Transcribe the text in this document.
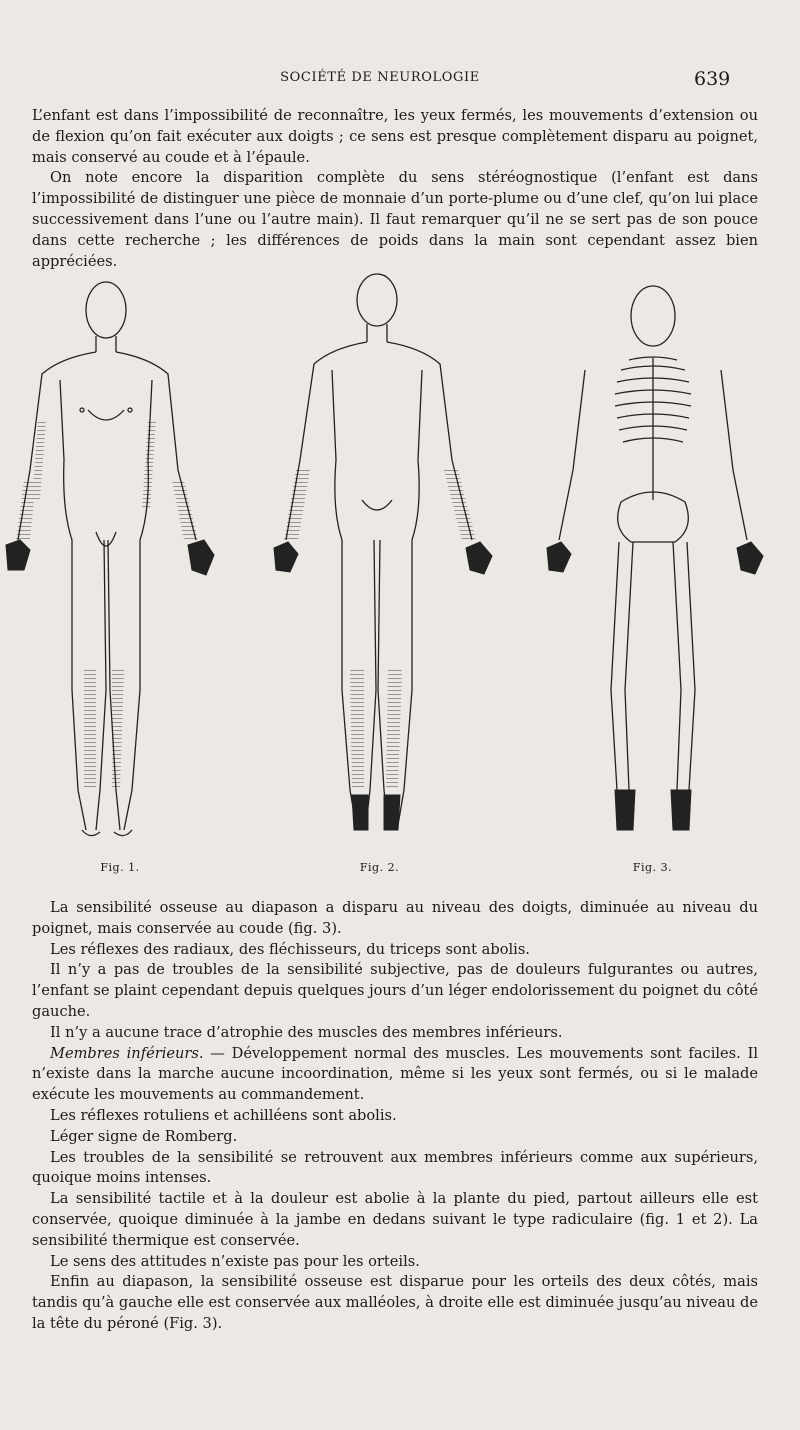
SOCIÉTÉ DE NEUROLOGIE	639

L’enfant est dans l’impossibilité de reconnaître, les yeux fermés, les mouvements d’extension ou de flexion qu’on fait exécuter aux doigts ; ce sens est presque complètement disparu au poignet, mais conservé au coude et à l’épaule.

On note encore la disparition complète du sens stéréognostique (l’enfant est dans l’impossibilité de distinguer une pièce de monnaie d’un porte-plume ou d’une clef, qu’on lui place successivement dans l’une ou l’autre main). Il faut remarquer qu’il ne se sert pas de son pouce dans cette recherche ; les différences de poids dans la main sont cependant assez bien appréciées.

Fig. 1.	Fig. 2.	Fig. 3.

La sensibilité osseuse au diapason a disparu au niveau des doigts, diminuée au niveau du poignet, mais conservée au coude (fig. 3).

Les réflexes des radiaux, des fléchisseurs, du triceps sont abolis.

Il n’y a pas de troubles de la sensibilité subjective, pas de douleurs fulgurantes ou autres, l’enfant se plaint cependant depuis quelques jours d’un léger endolorissement du poignet du côté gauche.

Il n’y a aucune trace d’atrophie des muscles des membres inférieurs.

Membres inférieurs. — Développement normal des muscles. Les mouvements sont faciles. Il n’existe dans la marche aucune incoordination, même si les yeux sont fermés, ou si le malade exécute les mouvements au commandement.

Les réflexes rotuliens et achilléens sont abolis.

Léger signe de Romberg.

Les troubles de la sensibilité se retrouvent aux membres inférieurs comme aux supérieurs, quoique moins intenses.

La sensibilité tactile et à la douleur est abolie à la plante du pied, partout ailleurs elle est conservée, quoique diminuée à la jambe en dedans suivant le type radiculaire (fig. 1 et 2). La sensibilité thermique est conservée.

Le sens des attitudes n’existe pas pour les orteils.

Enfin au diapason, la sensibilité osseuse est disparue pour les orteils des deux côtés, mais tandis qu’à gauche elle est conservée aux malléoles, à droite elle est diminuée jusqu’au niveau de la tête du péroné (Fig. 3).
